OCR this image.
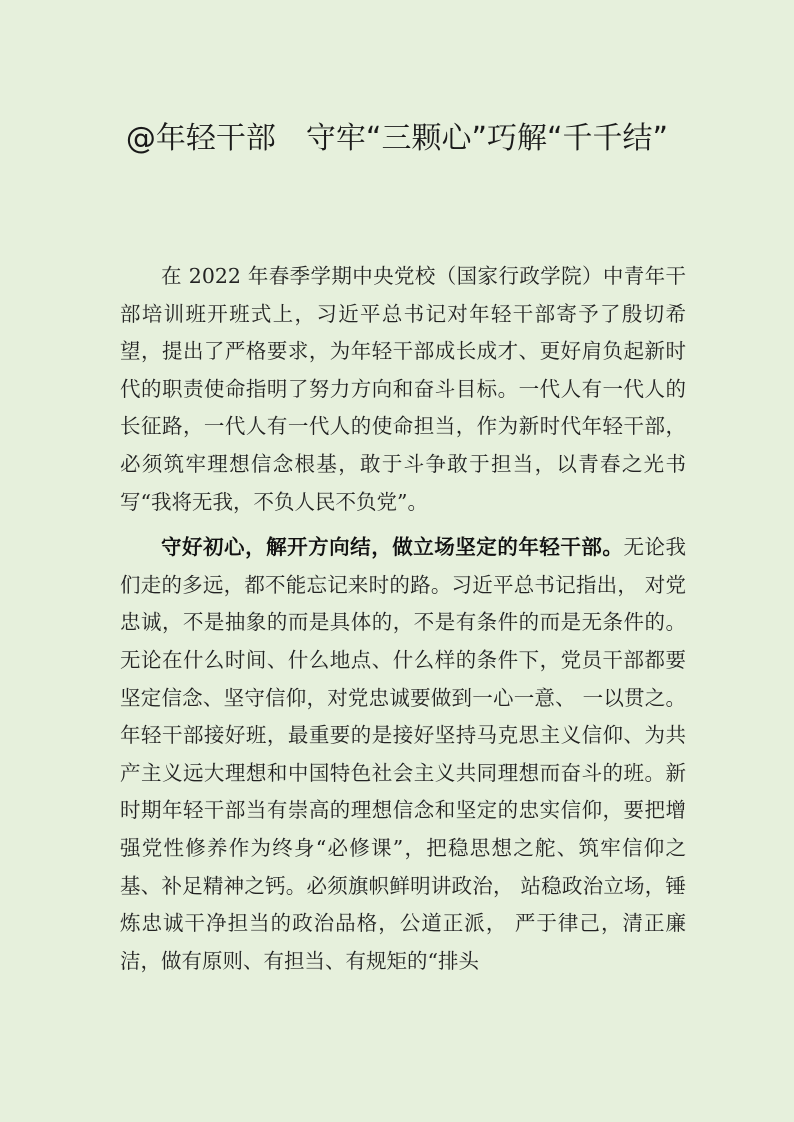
@年轻干部　守牢“三颗心”巧解“千千结”

在 2022 年春季学期中央党校（国家行政学院）中青年干部培训班开班式上，习近平总书记对年轻干部寄予了殷切希望，提出了严格要求，为年轻干部成长成才、更好肩负起新时代的职责使命指明了努力方向和奋斗目标。一代人有一代人的长征路，一代人有一代人的使命担当，作为新时代年轻干部，必须筑牢理想信念根基，敢于斗争敢于担当，以青春之光书写“我将无我，不负人民不负党”。

守好初心，解开方向结，做立场坚定的年轻干部。无论我们走的多远，都不能忘记来时的路。习近平总书记指出， 对党忠诚，不是抽象的而是具体的，不是有条件的而是无条件的。无论在什么时间、什么地点、什么样的条件下，党员干部都要坚定信念、坚守信仰，对党忠诚要做到一心一意、 一以贯之。年轻干部接好班，最重要的是接好坚持马克思主义信仰、为共产主义远大理想和中国特色社会主义共同理想而奋斗的班。新时期年轻干部当有崇高的理想信念和坚定的忠实信仰，要把增强党性修养作为终身“必修课”，把稳思想之舵、筑牢信仰之基、补足精神之钙。必须旗帜鲜明讲政治， 站稳政治立场，锤炼忠诚干净担当的政治品格，公道正派， 严于律己，清正廉洁，做有原则、有担当、有规矩的“排头
